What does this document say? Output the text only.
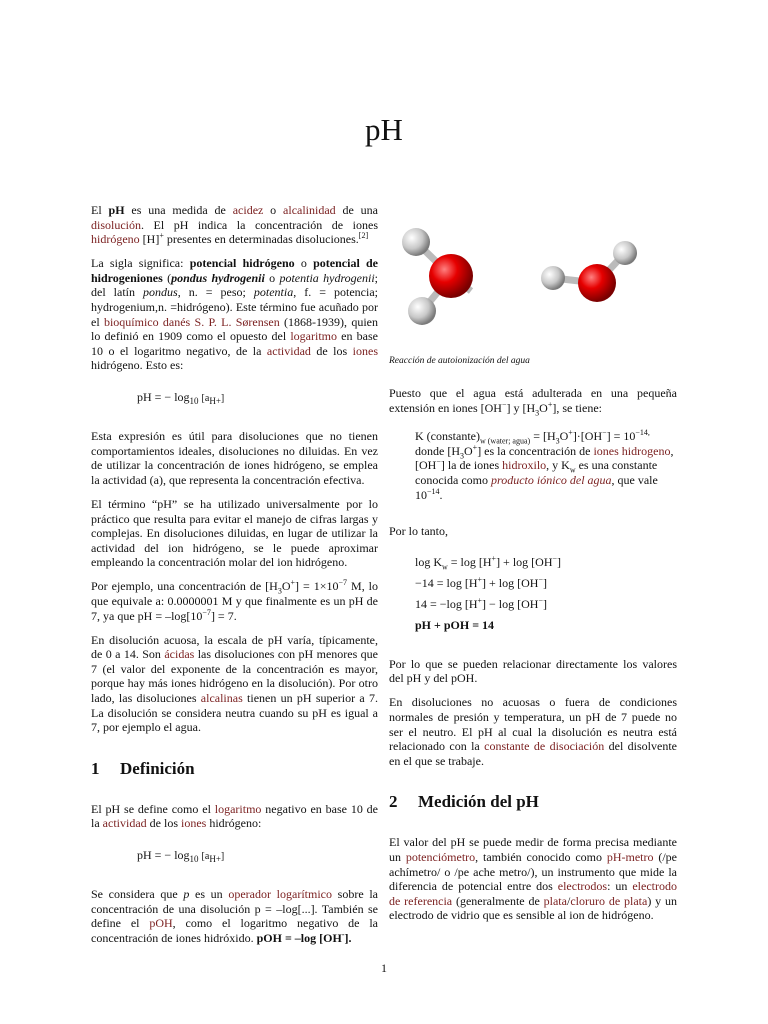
pH

El pH es una medida de acidez o alcalinidad de una disolución. El pH indica la concentración de iones hidrógeno [H]+ presentes en determinadas disoluciones.[2]

La sigla significa: potencial hidrógeno o potencial de hidrogeniones (pondus hydrogenii o potentia hydrogenii; del latín pondus, n. = peso; potentia, f. = potencia; hydrogenium,n. =hidrógeno). Este término fue acuñado por el bioquímico danés S. P. L. Sørensen (1868-1939), quien lo definió en 1909 como el opuesto del logaritmo en base 10 o el logaritmo negativo, de la actividad de los iones hidrógeno. Esto es:

pH = − $\log_{10} [a_{H+}]$

Esta expresión es útil para disoluciones que no tienen comportamientos ideales, disoluciones no diluidas. En vez de utilizar la concentración de iones hidrógeno, se emplea la actividad (a), que representa la concentración efectiva.

El término “pH” se ha utilizado universalmente por lo práctico que resulta para evitar el manejo de cifras largas y complejas. En disoluciones diluidas, en lugar de utilizar la actividad del ion hidrógeno, se le puede aproximar empleando la concentración molar del ion hidrógeno.

Por ejemplo, una concentración de $[H_3O^+] = 1\times 10^{-7}$ M, lo que equivale a: 0.0000001 M y que finalmente es un pH de 7, ya que pH = $-\log[10^{-7}] = 7$.

En disolución acuosa, la escala de pH varía, típicamente, de 0 a 14. Son ácidas las disoluciones con pH menores que 7 (el valor del exponente de la concentración es mayor, porque hay más iones hidrógeno en la disolución). Por otro lado, las disoluciones alcalinas tienen un pH superior a 7. La disolución se considera neutra cuando su pH es igual a 7, por ejemplo el agua.

1 Definición

El pH se define como el logaritmo negativo en base 10 de la actividad de los iones hidrógeno:

pH = − $\log_{10} [a_{H+}]$

Se considera que p es un operador logarítmico sobre la concentración de una disolución p = –log[...]. También se define el pOH, como el logaritmo negativo de la concentración de iones hidróxido. pOH = –log [OH-].

Reacción de autoionización del agua

Puesto que el agua está adulterada en una pequeña extensión en iones [OH−] y $[H_3O^+]$, se tiene:

K $(constante)_{w (water; agua)} = [H_3O^+]\cdot[OH^-] = 10^{-14,}$ donde $[H_3O^+]$ es la concentración de iones hidrogeno, [OH−] la de iones hidroxilo, y $K_w$ es una constante conocida como producto iónico del agua, que vale $10^{-14}$.

Por lo tanto,

$\log K_w = \log [H^+] + \log [OH^-]$
−14 = log [H+] + log [OH−]
14 = −log [H+] − log [OH−]
pH + pOH = 14

Por lo que se pueden relacionar directamente los valores del pH y del pOH.

En disoluciones no acuosas o fuera de condiciones normales de presión y temperatura, un pH de 7 puede no ser el neutro. El pH al cual la disolución es neutra está relacionado con la constante de disociación del disolvente en el que se trabaje.

2 Medición del pH

El valor del pH se puede medir de forma precisa mediante un potenciómetro, también conocido como pH-metro (/pe achímetro/ o /pe ache metro/), un instrumento que mide la diferencia de potencial entre dos electrodos: un electrodo de referencia (generalmente de plata/cloruro de plata) y un electrodo de vidrio que es sensible al ion de hidrógeno.

1
